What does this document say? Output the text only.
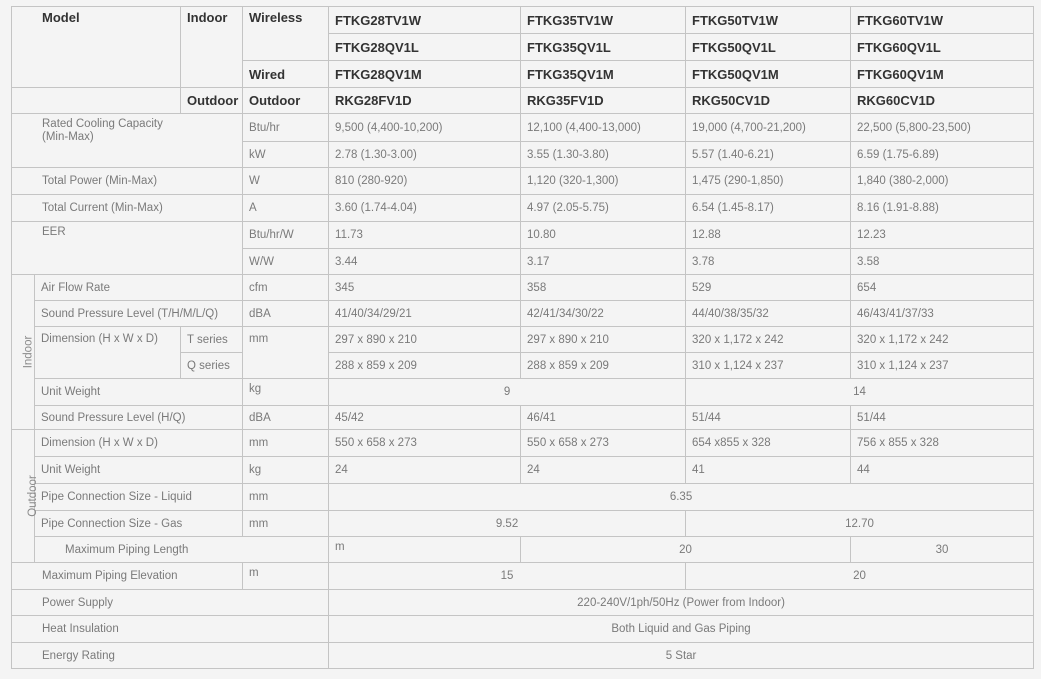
Model		Indoor	Wireless	FTKG28TV1W	FTKG35TV1W	FTKG50TV1W	FTKG60TV1W
				FTKG28QV1L	FTKG35QV1L	FTKG50QV1L	FTKG60QV1L
			Wired	FTKG28QV1M	FTKG35QV1M	FTKG50QV1M	FTKG60QV1M
		Outdoor	Outdoor	RKG28FV1D	RKG35FV1D	RKG50CV1D	RKG60CV1D
Rated Cooling Capacity (Min-Max)			Btu/hr	9,500 (4,400-10,200)	12,100 (4,400-13,000)	19,000 (4,700-21,200)	22,500 (5,800-23,500)
			kW	2.78 (1.30-3.00)	3.55 (1.30-3.80)	5.57 (1.40-6.21)	6.59 (1.75-6.89)
Total Power (Min-Max)			W	810 (280-920)	1,120 (320-1,300)	1,475 (290-1,850)	1,840 (380-2,000)
Total Current (Min-Max)			A	3.60 (1.74-4.04)	4.97 (2.05-5.75)	6.54 (1.45-8.17)	8.16 (1.91-8.88)
EER			Btu/hr/W	11.73	10.80	12.88	12.23
			W/W	3.44	3.17	3.78	3.58
Indoor	Air Flow Rate		cfm	345	358	529	654
	Sound Pressure Level (T/H/M/L/Q)		dBA	41/40/34/29/21	42/41/34/30/22	44/40/38/35/32	46/43/41/37/33
	Dimension (H x W x D)	T series	mm	297 x 890 x 210	297 x 890 x 210	320 x 1,172 x 242	320 x 1,172 x 242
		Q series		288 x 859 x 209	288 x 859 x 209	310 x 1,124 x 237	310 x 1,124 x 237
	Unit Weight		kg	9		14	
	Sound Pressure Level (H/Q)		dBA	45/42	46/41	51/44	51/44
Outdoor	Dimension (H x W x D)		mm	550 x 658 x 273	550 x 658 x 273	654 x855 x 328	756 x 855 x 328
	Unit Weight		kg	24	24	41	44
	Pipe Connection Size - Liquid		mm	6.35			
	Pipe Connection Size - Gas		mm	9.52		12.70	
	Maximum Piping Length			m	20		30
Maximum Piping Elevation			m	15		20	
Power Supply				220-240V/1ph/50Hz (Power from Indoor)			
Heat Insulation				Both Liquid and Gas Piping			
Energy Rating				5 Star			
